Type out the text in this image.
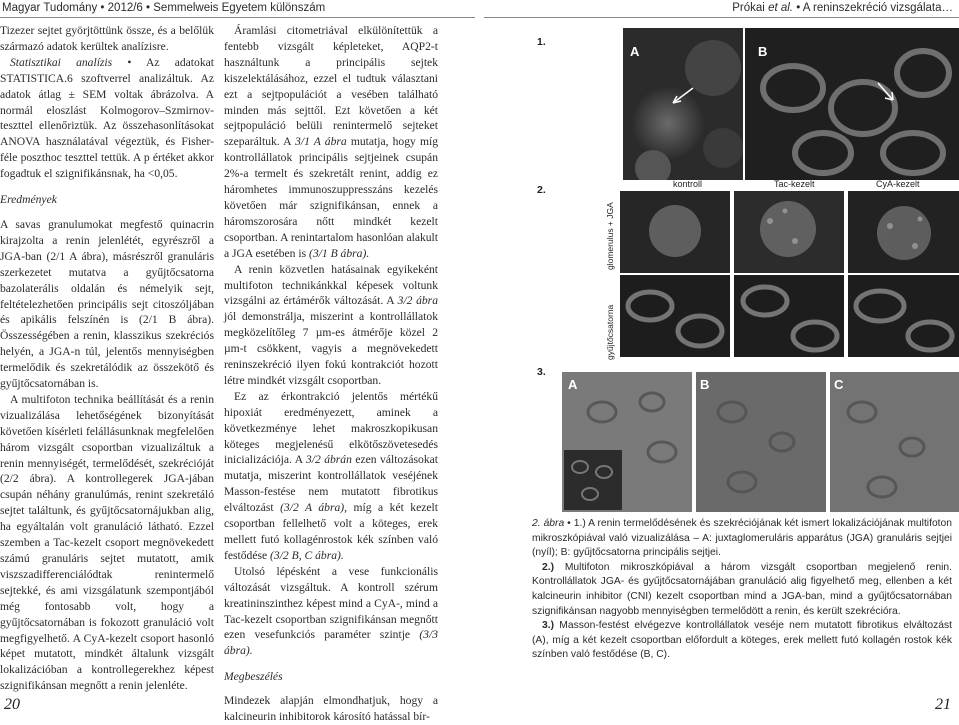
Magyar Tudomány • 2012/6 • Semmelweis Egyetem különszám	Prókai et al. • A reninszekréció vizsgálata…

Tizezer sejtet györjtöttünk össze, és a belőlük származó adatok kerültek analízisre.

Statisztikai analízis • Az adatokat STATISTICA.6 szoftverrel analizáltuk. Az adatok átlag ± SEM voltak ábrázolva. A normál eloszlást Kolmogorov–Szmirnov-teszttel ellenőriztük. Az összehasonlításokat ANOVA használatával végeztük, és Fisher- féle poszthoc teszttel tettük. A p értéket akkor fogadtuk el szignifikánsnak, ha <0,05.

Eredmények

A savas granulumokat megfestő quinacrin kirajzolta a renin jelenlétét, egyrészről a JGA-ban (2/1 A ábra), másrészről granuláris szerkezetet mutatva a gyűjtőcsatorna bazolaterális oldalán és némelyik sejt, feltételezhetően principális sejt citoszóljában és apikális felszínén is (2/1 B ábra). Összességében a renin, klasszikus szekréciós helyén, a JGA-n túl, jelentős mennyiségben termelődik és szekretálódik az összekötő és gyűjtőcsatornában is.

A multifoton technika beállítását és a renin vizualizálása lehetőségének bizonyítását követően kísérleti felállásunknak megfelelően három vizsgált csoportban vizualizáltuk a renin mennyiségét, termelődését, szekrécióját (2/2 ábra). A kontrollegerek JGA-jában csupán néhány granulúmás, renint szekretáló sejtet találtunk, és gyűjtőcsatornájukban alig, ha egyáltalán volt granuláció látható. Ezzel szemben a Tac-kezelt csoport megnövekedett számú granuláris sejtet mutatott, amik viszszadifferenciálódtak renintermelő sejtekké, és ami vizsgálatunk szempontjából még fontosabb volt, hogy a gyűjtőcsatornában is fokozott granuláció volt megfigyelhető. A CyA-kezelt csoport hasonló képet mutatott, mindkét általunk vizsgált lokalizációban a kontrollegerekhez képest szignifikánsan megnőtt a renin jelenléte.

Áramlási citometriával elkülönítettük a fentebb vizsgált képleteket, AQP2-t használtunk a principális sejtek kiszelektálásához, ezzel el tudtuk választani ezt a sejtpopulációt a vesében található minden más sejttől. Ezt követően a két sejtpopuláció belüli renintermelő sejteket szeparáltuk. A 3/1 A ábra mutatja, hogy míg kontrollállatok principális sejtjeinek csupán 2%-a termelt és szekretált renint, addig ez háromhetes immunoszuppresszáns kezelés követően már szignifikánsan, ennek a háromszorosára nőtt mindkét kezelt csoportban. A renintartalom hasonlóan alakult a JGA esetében is (3/1 B ábra).

A renin közvetlen hatásainak egyikeként multifoton technikánkkal képesek voltunk vizsgálni az értámérők változását. A 3/2 ábra jól demonstrálja, miszerint a kontrollállatok megközelítőleg 7 µm-es átmérője közel 2 µm-t csökkent, vagyis a megnövekedett reninszekréció ilyen fokú kontrakciót hozott létre mindkét vizsgált csoportban.

Ez az érkontrakció jelentős mértékű hipoxiát eredményezett, aminek a következménye lehet makroszkopikusan köteges megjelenésű elkötőszövetesedés inicializációja. A 3/2 ábrán ezen változásokat mutatja, miszerint kontrollállatok veséjének Masson-festése nem mutatott fibrotikus elváltozást (3/2 A ábra), míg a két kezelt csoportban fellelhető volt a köteges, erek mellett futó kollagénrostok kék színben való festődése (3/2 B, C ábra).

Utolsó lépésként a vese funkcionális változását vizsgáltuk. A kontroll szérum kreatininszinthez képest mind a CyA-, mind a Tac-kezelt csoportban szignifikánsan megnőtt ezen vesefunkciós paraméter szintje (3/3 ábra).

Megbeszélés

Mindezek alapján elmondhatjuk, hogy a kalcineurin inhibitorok károsító hatással bír-

1.
2.
3.
A	B
kontroll	Tac-kezelt	CyA-kezelt
glomerulus + JGA
gyűjtőcsatorna
A	B	C

2. ábra • 1.) A renin termelődésének és szekréciójának két ismert lokalizációjának multifoton mikroszkópiával való vizualizálása – A: juxtaglomeruláris apparátus (JGA) granuláris sejtjei (nyíl); B: gyűjtőcsatorna principális sejtjei.

2.) Multifoton mikroszkópiával a három vizsgált csoportban megjelenő renin. Kontrollállatok JGA- és gyűjtőcsatornájában granuláció alig figyelhető meg, ellenben a két kalcineurin inhibitor (CNI) kezelt csoportban mind a JGA-ban, mind a gyűjtőcsatornában szignifikánsan nagyobb mennyiségben termelődött a renin, és került szekrécióra.

3.) Masson-festést elvégezve kontrollállatok veséje nem mutatott fibrotikus elváltozást (A), míg a két kezelt csoportban előfordult a köteges, erek mellett futó kollagén rostok kék színben való festődése (B, C).

20	21
